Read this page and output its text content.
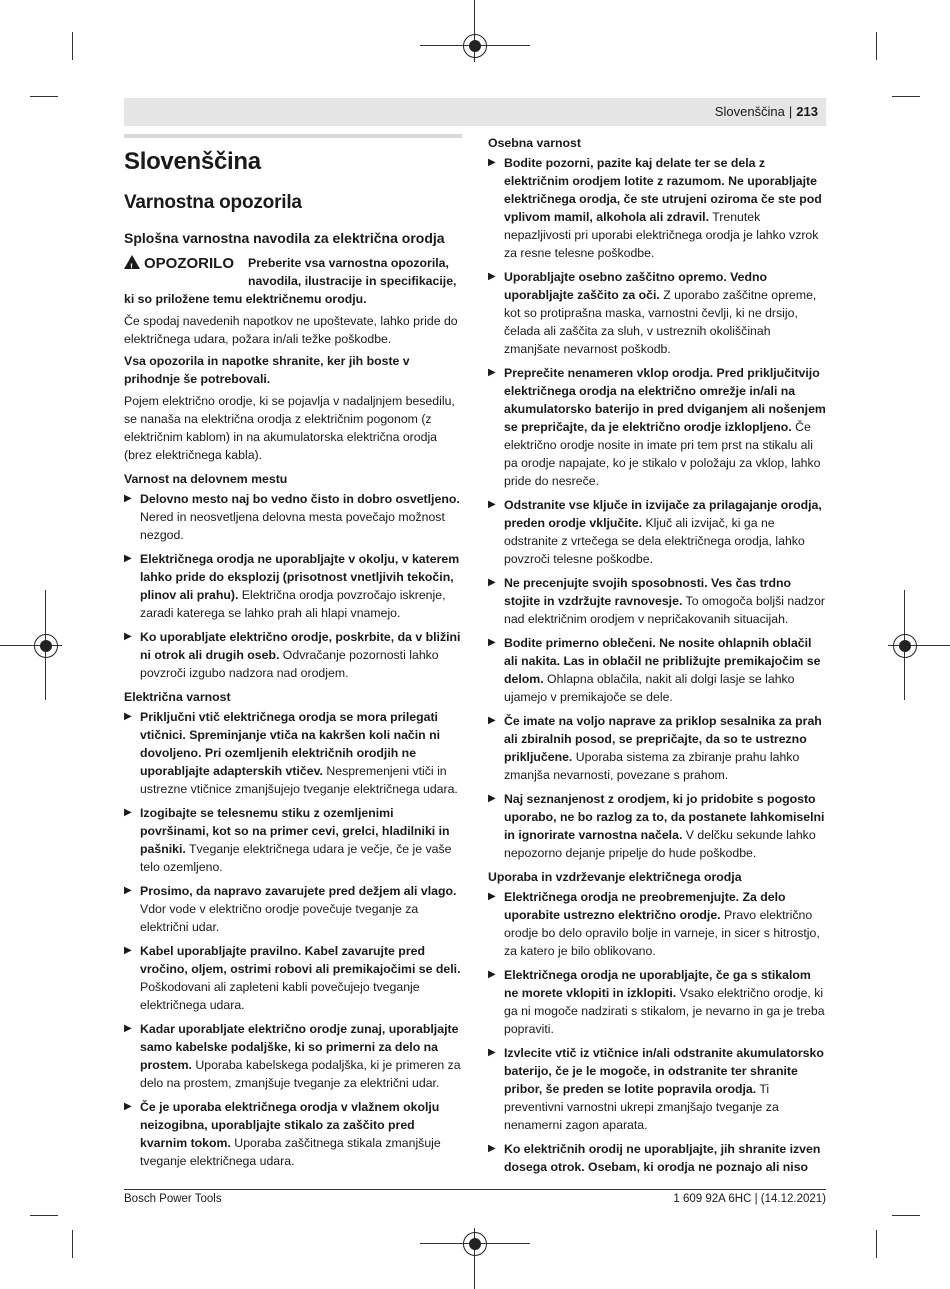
Slovenščina | 213
Slovenščina
Varnostna opozorila
Splošna varnostna navodila za električna orodja
! OPOZORILO	Preberite vsa varnostna opozorila, navodila, ilustracije in specifikacije, ki so priložene temu električnemu orodju.

Če spodaj navedenih napotkov ne upoštevate, lahko pride do električnega udara, požara in/ali težke poškodbe.

Vsa opozorila in napotke shranite, ker jih boste v prihodnje še potrebovali.

Pojem električno orodje, ki se pojavlja v nadaljnjem besedilu, se nanaša na električna orodja z električnim pogonom (z električnim kablom) in na akumulatorska električna orodja (brez električnega kabla).

Varnost na delovnem mestu
▶ Delovno mesto naj bo vedno čisto in dobro osvetljeno. Nered in neosvetljena delovna mesta povečajo možnost nezgod.
▶ Električnega orodja ne uporabljajte v okolju, v katerem lahko pride do eksplozij (prisotnost vnetljivih tekočin, plinov ali prahu). Električna orodja povzročajo iskrenje, zaradi katerega se lahko prah ali hlapi vnamejo.
▶ Ko uporabljate električno orodje, poskrbite, da v bližini ni otrok ali drugih oseb. Odvračanje pozornosti lahko povzroči izgubo nadzora nad orodjem.
Električna varnost
▶ Priključni vtič električnega orodja se mora prilegati vtičnici. Spreminjanje vtiča na kakršen koli način ni dovoljeno. Pri ozemljenih električnih orodjih ne uporabljajte adapterskih vtičev. Nespremenjeni vtiči in ustrezne vtičnice zmanjšujejo tveganje električnega udara.
▶ Izogibajte se telesnemu stiku z ozemljenimi površinami, kot so na primer cevi, grelci, hladilniki in pašniki. Tveganje električnega udara je večje, če je vaše telo ozemljeno.
▶ Prosimo, da napravo zavarujete pred dežjem ali vlago. Vdor vode v električno orodje povečuje tveganje za električni udar.
▶ Kabel uporabljajte pravilno. Kabel zavarujte pred vročino, oljem, ostrimi robovi ali premikajočimi se deli. Poškodovani ali zapleteni kabli povečujejo tveganje električnega udara.
▶ Kadar uporabljate električno orodje zunaj, uporabljajte samo kabelske podaljške, ki so primerni za delo na prostem. Uporaba kabelskega podaljška, ki je primeren za delo na prostem, zmanjšuje tveganje za električni udar.
▶ Če je uporaba električnega orodja v vlažnem okolju neizogibna, uporabljajte stikalo za zaščito pred kvarnim tokom. Uporaba zaščitnega stikala zmanjšuje tveganje električnega udara.
Osebna varnost
▶ Bodite pozorni, pazite kaj delate ter se dela z električnim orodjem lotite z razumom. Ne uporabljajte električnega orodja, če ste utrujeni oziroma če ste pod vplivom mamil, alkohola ali zdravil. Trenutek nepazljivosti pri uporabi električnega orodja je lahko vzrok za resne telesne poškodbe.
▶ Uporabljajte osebno zaščitno opremo. Vedno uporabljajte zaščito za oči. Z uporabo zaščitne opreme, kot so protiprašna maska, varnostni čevlji, ki ne drsijo, čelada ali zaščita za sluh, v ustreznih okoliščinah zmanjšate nevarnost poškodb.
▶ Preprečite nenameren vklop orodja. Pred priključitvijo električnega orodja na električno omrežje in/ali na akumulatorsko baterijo in pred dviganjem ali nošenjem se prepričajte, da je električno orodje izklopljeno. Če električno orodje nosite in imate pri tem prst na stikalu ali pa orodje napajate, ko je stikalo v položaju za vklop, lahko pride do nesreče.
▶ Odstranite vse ključe in izvijače za prilagajanje orodja, preden orodje vključite. Ključ ali izvijač, ki ga ne odstranite z vrtečega se dela električnega orodja, lahko povzroči telesne poškodbe.
▶ Ne precenjujte svojih sposobnosti. Ves čas trdno stojite in vzdržujte ravnovesje. To omogoča boljši nadzor nad električnim orodjem v nepričakovanih situacijah.
▶ Bodite primerno oblečeni. Ne nosite ohlapnih oblačil ali nakita. Las in oblačil ne približujte premikajočim se delom. Ohlapna oblačila, nakit ali dolgi lasje se lahko ujamejo v premikajoče se dele.
▶ Če imate na voljo naprave za priklop sesalnika za prah ali zbiralnih posod, se prepričajte, da so te ustrezno priključene. Uporaba sistema za zbiranje prahu lahko zmanjša nevarnosti, povezane s prahom.
▶ Naj seznanjenost z orodjem, ki jo pridobite s pogosto uporabo, ne bo razlog za to, da postanete lahkomiselni in ignorirate varnostna načela. V delčku sekunde lahko nepozorno dejanje pripelje do hude poškodbe.
Uporaba in vzdrževanje električnega orodja
▶ Električnega orodja ne preobremenjujte. Za delo uporabite ustrezno električno orodje. Pravo električno orodje bo delo opravilo bolje in varneje, in sicer s hitrostjo, za katero je bilo oblikovano.
▶ Električnega orodja ne uporabljajte, če ga s stikalom ne morete vklopiti in izklopiti. Vsako električno orodje, ki ga ni mogoče nadzirati s stikalom, je nevarno in ga je treba popraviti.
▶ Izvlecite vtič iz vtičnice in/ali odstranite akumulatorsko baterijo, če je le mogoče, in odstranite ter shranite pribor, še preden se lotite popravila orodja. Ti preventivni varnostni ukrepi zmanjšajo tveganje za nenamerni zagon aparata.
▶ Ko električnih orodij ne uporabljajte, jih shranite izven dosega otrok. Osebam, ki orodja ne poznajo ali niso
Bosch Power Tools	1 609 92A 6HC | (14.12.2021)
